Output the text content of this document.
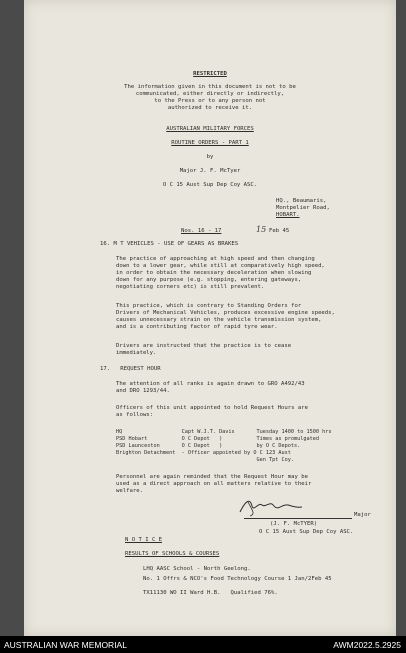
RESTRICTED
The information given in this document is not to be
communicated, either directly or indirectly,
to the Press or to any person not
authorized to receive it.
AUSTRALIAN MILITARY FORCES
ROUTINE ORDERS - PART 1
by
Major J. F. McTyer
O C 15 Aust Sup Dep Coy ASC.
HQ., Beaumaris,
Montpelier Road,
HOBART.
Nos. 16 - 17	15 Feb 45
16. M T VEHICLES - USE OF GEARS AS BRAKES
The practice of approaching at high speed and then changing
down to a lower gear, while still at comparatively high speed,
in order to obtain the necessary deceleration when slowing
down for any purpose (e.g. stopping, entering gateways,
negotiating corners etc) is still prevalent.
This practice, which is contrary to Standing Orders for
Drivers of Mechanical Vehicles, produces excessive engine speeds,
causes unnecessary strain on the vehicle transmission system,
and is a contributing factor of rapid tyre wear.
Drivers are instructed that the practice is to cease
immediately.
17.   REQUEST HOUR
The attention of all ranks is again drawn to GRO A492/43
and DRO 1293/44.
Officers of this unit appointed to hold Request Hours are
as follows:
HQ                   Capt W.J.T. Davis       Tuesday 1400 to 1500 hrs
PSD Hobart           O C Depot   )           Times as promulgated
PSD Launceston       O C Depot   )           by O C Depots.
Brighton Detachment  - Officer appointed by O C 123 Aust
Gen Tpt Coy.
Personnel are again reminded that the Request Hour may be
used as a direct approach on all matters relative to their
welfare.
Major
(J. F. McTYER)
O C 15 Aust Sup Dep Coy ASC.
N O T I C E
RESULTS OF SCHOOLS & COURSES
LHQ AASC School - North Geelong.
No. 1 Offrs & NCO's Food Technology Course 1 Jan/2Feb 45
TX11130 WO II Ward H.B.   Qualified 76%.
AUSTRALIAN WAR MEMORIAL	AWM2022.5.2925
